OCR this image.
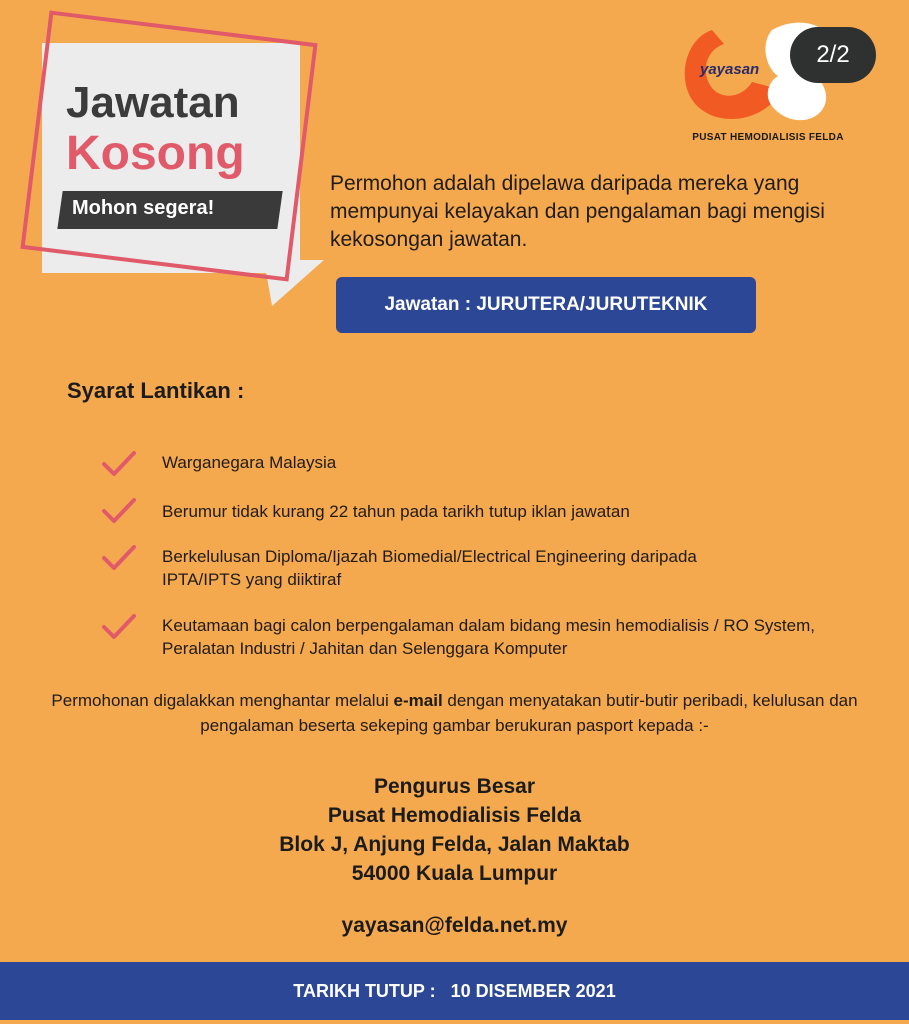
Jawatan
Kosong
Mohon segera!
yayasan
PUSAT HEMODIALISIS FELDA
2/2
Permohon adalah dipelawa daripada mereka yang mempunyai kelayakan dan pengalaman bagi mengisi kekosongan jawatan.
Jawatan : JURUTERA/JURUTEKNIK
Syarat Lantikan :
Warganegara Malaysia
Berumur tidak kurang 22 tahun pada tarikh tutup iklan jawatan
Berkelulusan Diploma/Ijazah Biomedial/Electrical Engineering daripada IPTA/IPTS yang diiktiraf
Keutamaan bagi calon berpengalaman dalam bidang mesin hemodialisis / RO System, Peralatan Industri / Jahitan dan Selenggara Komputer
Permohonan digalakkan menghantar melalui e-mail dengan menyatakan butir-butir peribadi, kelulusan dan pengalaman beserta sekeping gambar berukuran pasport kepada :-
Pengurus Besar
Pusat Hemodialisis Felda
Blok J, Anjung Felda, Jalan Maktab
54000 Kuala Lumpur
yayasan@felda.net.my
TARIKH TUTUP : 10 DISEMBER 2021
